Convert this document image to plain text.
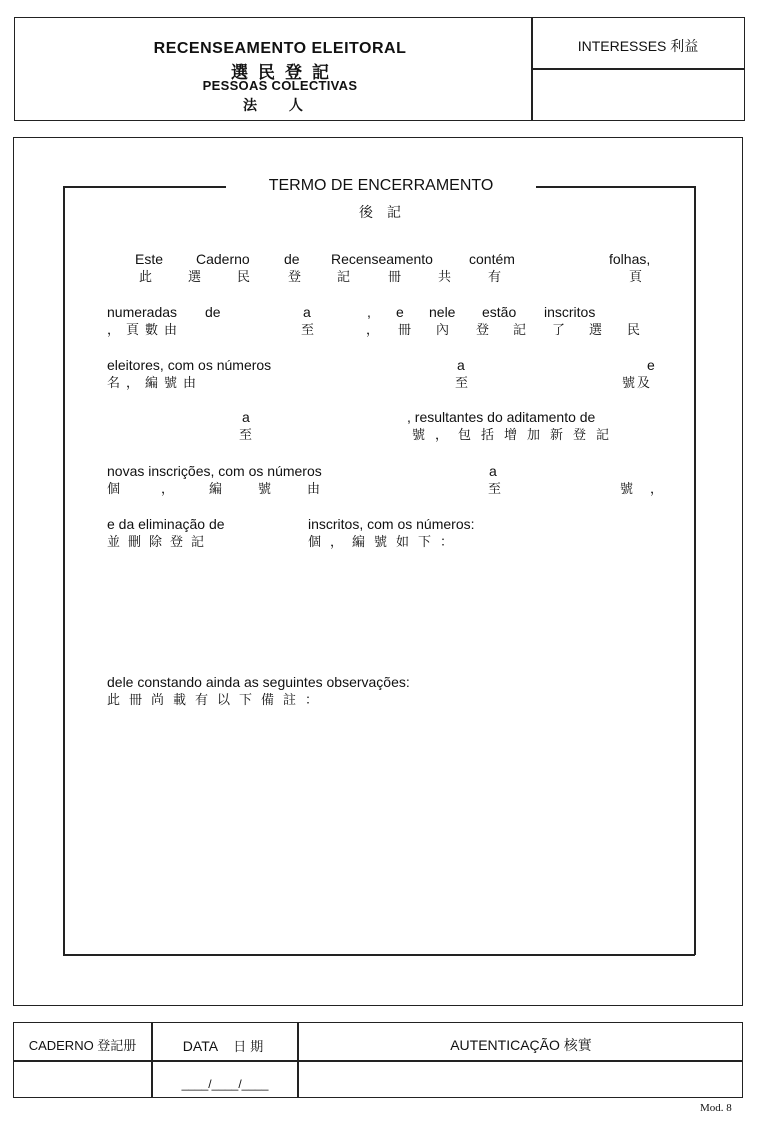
RECENSEAMENTO ELEITORAL
選民登記
PESSOAS COLECTIVAS
法 人
INTERESSES 利益
TERMO DE ENCERRAMENTO
後　記
Este Caderno de Recenseamento	contém	folhas,
此	選	民	登	記	冊	共	有	頁
numeradas de	a	, e nele estão inscritos
，頁數由	至	， 冊 內 登 記 了 選 民
eleitores, com os números	a	e
名，編號由	至	號及
a	, resultantes do aditamento de
至	號，包括增加新登記
novas inscrições, com os números	a
個	，	編	號	由	至	號 ，
e da eliminação de	inscritos, com os números:
並刪除登記	個，編號如下：
dele constando ainda as seguintes observações:
此冊尚載有以下備註：
CADERNO 登記册	DATA 日期	AUTENTICAÇÃO 核實
____/____/____
Mod. 8
